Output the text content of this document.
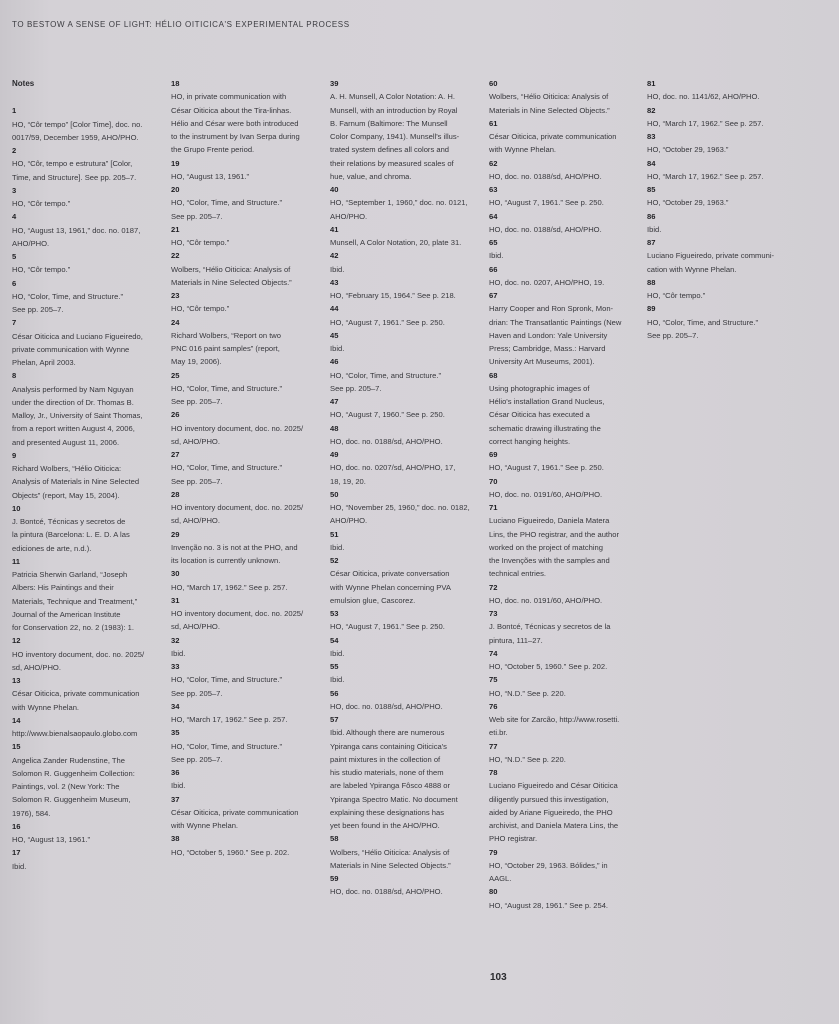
TO BESTOW A SENSE OF LIGHT: HÉLIO OITICICA'S EXPERIMENTAL PROCESS
Notes
1
HO, “Côr tempo” [Color Time], doc. no.
0017/59, December 1959, AHO/PHO.
2
HO, “Côr, tempo e estrutura” [Color,
Time, and Structure]. See pp. 205–7.
3
HO, “Côr tempo.”
4
HO, “August 13, 1961,” doc. no. 0187,
AHO/PHO.
5
HO, “Côr tempo.”
6
HO, “Color, Time, and Structure.”
See pp. 205–7.
7
César Oiticica and Luciano Figueiredo,
private communication with Wynne
Phelan, April 2003.
8
Analysis performed by Nam Nguyan
under the direction of Dr. Thomas B.
Malloy, Jr., University of Saint Thomas,
from a report written August 4, 2006,
and presented August 11, 2006.
9
Richard Wolbers, “Hélio Oiticica:
Analysis of Materials in Nine Selected
Objects” (report, May 15, 2004).
10
J. Bontcé, Técnicas y secretos de
la pintura (Barcelona: L. E. D. A las
ediciones de arte, n.d.).
11
Patricia Sherwin Garland, “Joseph
Albers: His Paintings and their
Materials, Technique and Treatment,”
Journal of the American Institute
for Conservation 22, no. 2 (1983): 1.
12
HO inventory document, doc. no. 2025/
sd, AHO/PHO.
13
César Oiticica, private communication
with Wynne Phelan.
14
http://www.bienalsaopaulo.globo.com
15
Angelica Zander Rudenstine, The
Solomon R. Guggenheim Collection:
Paintings, vol. 2 (New York: The
Solomon R. Guggenheim Museum,
1976), 584.
16
HO, “August 13, 1961.”
17
Ibid.
18
HO, in private communication with
César Oiticica about the Tira-linhas.
Hélio and César were both introduced
to the instrument by Ivan Serpa during
the Grupo Frente period.
19
HO, “August 13, 1961.”
20
HO, “Color, Time, and Structure.”
See pp. 205–7.
21
HO, “Côr tempo.”
22
Wolbers, “Hélio Oiticica: Analysis of
Materials in Nine Selected Objects.”
23
HO, “Côr tempo.”
24
Richard Wolbers, “Report on two
PNC 016 paint samples” (report,
May 19, 2006).
25
HO, “Color, Time, and Structure.”
See pp. 205–7.
26
HO inventory document, doc. no. 2025/
sd, AHO/PHO.
27
HO, “Color, Time, and Structure.”
See pp. 205–7.
28
HO inventory document, doc. no. 2025/
sd, AHO/PHO.
29
Invenção no. 3 is not at the PHO, and
its location is currently unknown.
30
HO, “March 17, 1962.” See p. 257.
31
HO inventory document, doc. no. 2025/
sd, AHO/PHO.
32
Ibid.
33
HO, “Color, Time, and Structure.”
See pp. 205–7.
34
HO, “March 17, 1962.” See p. 257.
35
HO, “Color, Time, and Structure.”
See pp. 205–7.
36
Ibid.
37
César Oiticica, private communication
with Wynne Phelan.
38
HO, “October 5, 1960.” See p. 202.
39
A. H. Munsell, A Color Notation: A. H.
Munsell, with an introduction by Royal
B. Farnum (Baltimore: The Munsell
Color Company, 1941). Munsell's illus-
trated system defines all colors and
their relations by measured scales of
hue, value, and chroma.
40
HO, “September 1, 1960,” doc. no. 0121,
AHO/PHO.
41
Munsell, A Color Notation, 20, plate 31.
42
Ibid.
43
HO, “February 15, 1964.” See p. 218.
44
HO, “August 7, 1961.” See p. 250.
45
Ibid.
46
HO, “Color, Time, and Structure.”
See pp. 205–7.
47
HO, “August 7, 1960.” See p. 250.
48
HO, doc. no. 0188/sd, AHO/PHO.
49
HO, doc. no. 0207/sd, AHO/PHO, 17,
18, 19, 20.
50
HO, “November 25, 1960,” doc. no. 0182,
AHO/PHO.
51
Ibid.
52
César Oiticica, private conversation
with Wynne Phelan concerning PVA
emulsion glue, Cascorez.
53
HO, “August 7, 1961.” See p. 250.
54
Ibid.
55
Ibid.
56
HO, doc. no. 0188/sd, AHO/PHO.
57
Ibid. Although there are numerous
Ypiranga cans containing Oiticica's
paint mixtures in the collection of
his studio materials, none of them
are labeled Ypiranga Fôsco 4888 or
Ypiranga Spectro Matic. No document
explaining these designations has
yet been found in the AHO/PHO.
58
Wolbers, “Hélio Oiticica: Analysis of
Materials in Nine Selected Objects.”
59
HO, doc. no. 0188/sd, AHO/PHO.
60
Wolbers, “Hélio Oiticica: Analysis of
Materials in Nine Selected Objects.”
61
César Oiticica, private communication
with Wynne Phelan.
62
HO, doc. no. 0188/sd, AHO/PHO.
63
HO, “August 7, 1961.” See p. 250.
64
HO, doc. no. 0188/sd, AHO/PHO.
65
Ibid.
66
HO, doc. no. 0207, AHO/PHO, 19.
67
Harry Cooper and Ron Spronk, Mon-
drian: The Transatlantic Paintings (New
Haven and London: Yale University
Press; Cambridge, Mass.: Harvard
University Art Museums, 2001).
68
Using photographic images of
Hélio's installation Grand Nucleus,
César Oiticica has executed a
schematic drawing illustrating the
correct hanging heights.
69
HO, “August 7, 1961.” See p. 250.
70
HO, doc. no. 0191/60, AHO/PHO.
71
Luciano Figueiredo, Daniela Matera
Lins, the PHO registrar, and the author
worked on the project of matching
the Invenções with the samples and
technical entries.
72
HO, doc. no. 0191/60, AHO/PHO.
73
J. Bontcé, Técnicas y secretos de la
pintura, 111–27.
74
HO, “October 5, 1960.” See p. 202.
75
HO, “N.D.” See p. 220.
76
Web site for Zarcão, http://www.rosetti.
eti.br.
77
HO, “N.D.” See p. 220.
78
Luciano Figueiredo and César Oiticica
diligently pursued this investigation,
aided by Ariane Figueiredo, the PHO
archivist, and Daniela Matera Lins, the
PHO registrar.
79
HO, “October 29, 1963. Bólides,” in
AAGL.
80
HO, “August 28, 1961.” See p. 254.
81
HO, doc. no. 1141/62, AHO/PHO.
82
HO, “March 17, 1962.” See p. 257.
83
HO, “October 29, 1963.”
84
HO, “March 17, 1962.” See p. 257.
85
HO, “October 29, 1963.”
86
Ibid.
87
Luciano Figueiredo, private communi-
cation with Wynne Phelan.
88
HO, “Côr tempo.”
89
HO, “Color, Time, and Structure.”
See pp. 205–7.
103
